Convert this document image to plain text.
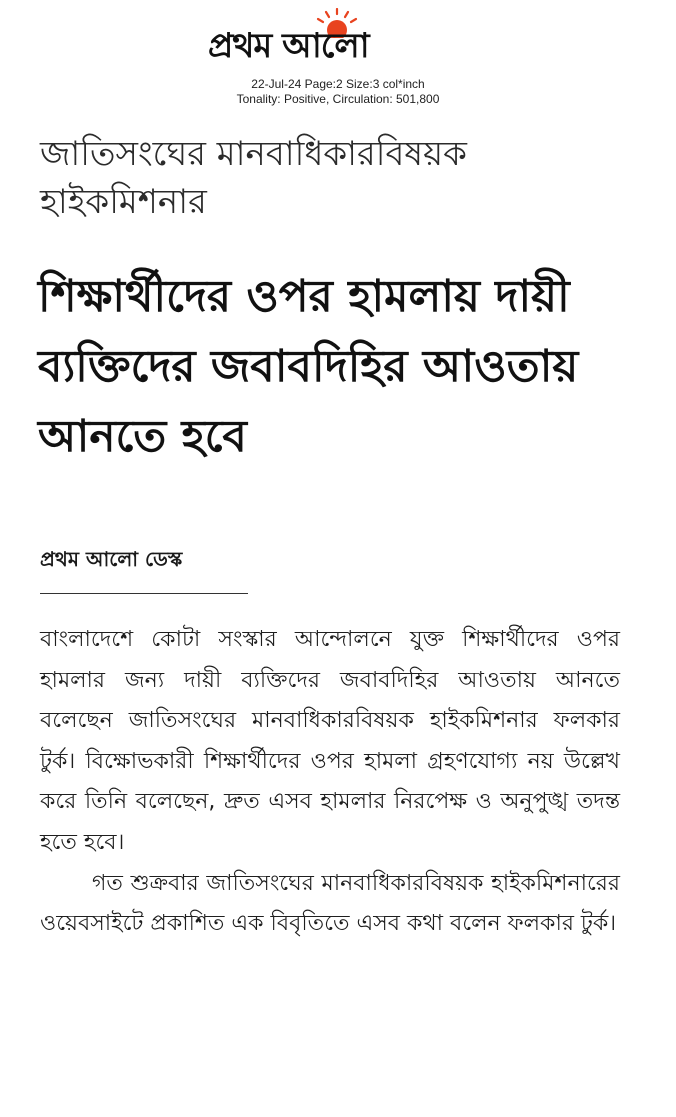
প্রথম আলো
22-Jul-24 Page:2 Size:3 col*inch
Tonality: Positive, Circulation: 501,800
জাতিসংঘের মানবাধিকারবিষয়ক হাইকমিশনার
শিক্ষার্থীদের ওপর হামলায় দায়ী ব্যক্তিদের জবাবদিহির আওতায় আনতে হবে
প্রথম আলো ডেস্ক

বাংলাদেশে কোটা সংস্কার আন্দোলনে যুক্ত শিক্ষার্থীদের ওপর হামলার জন্য দায়ী ব্যক্তিদের জবাবদিহির আওতায় আনতে বলেছেন জাতিসংঘের মানবাধিকারবিষয়ক হাইকমিশনার ফলকার টুর্ক। বিক্ষোভকারী শিক্ষার্থীদের ওপর হামলা গ্রহণযোগ্য নয় উল্লেখ করে তিনি বলেছেন, দ্রুত এসব হামলার নিরপেক্ষ ও অনুপুঙ্খ তদন্ত হতে হবে।

গত শুক্রবার জাতিসংঘের মানবাধিকারবিষয়ক হাইকমিশনারের ওয়েবসাইটে প্রকাশিত এক বিবৃতিতে এসব কথা বলেন ফলকার টুর্ক।
